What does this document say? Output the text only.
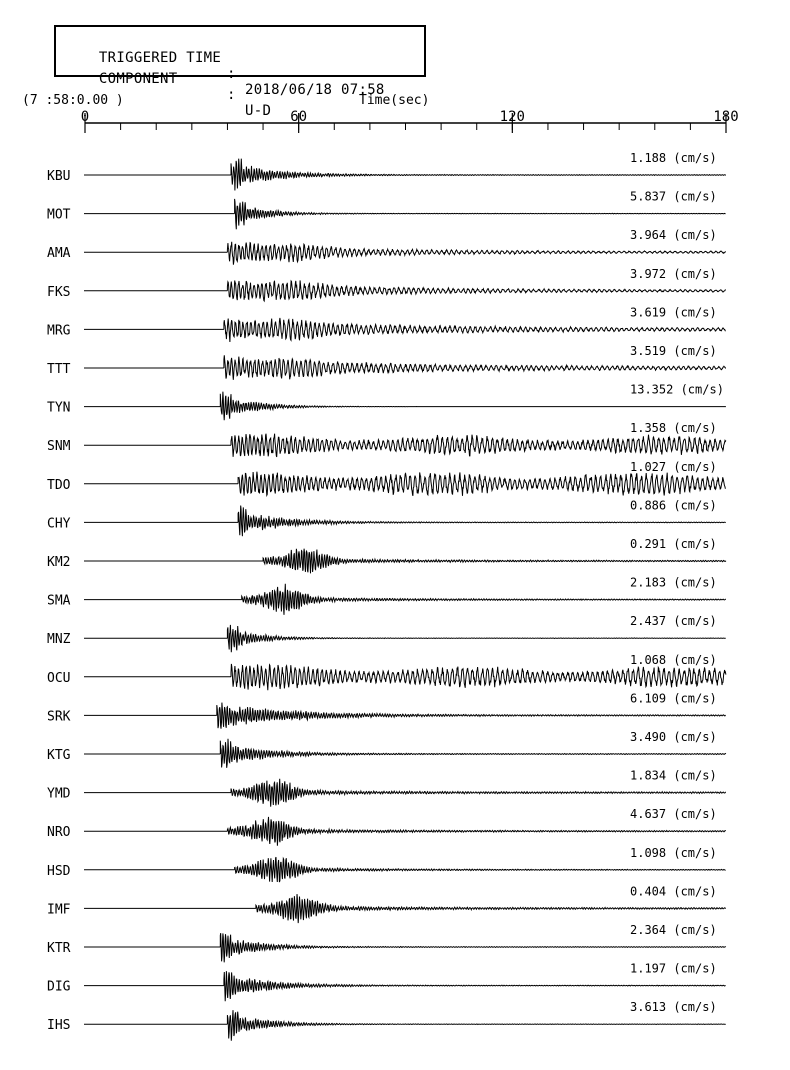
TRIGGERED TIME

:

2018/06/18 07:58

COMPONENT

:

U-D

(7 :58:0.00 )	Time(sec)
0	60	120	180
KBU
1.188 (cm/s)
MOT
5.837 (cm/s)
AMA
3.964 (cm/s)
FKS
3.972 (cm/s)
MRG
3.619 (cm/s)
TTT
3.519 (cm/s)
TYN
13.352 (cm/s)
SNM
1.358 (cm/s)
TDO
1.027 (cm/s)
CHY
0.886 (cm/s)
KM2
0.291 (cm/s)
SMA
2.183 (cm/s)
MNZ
2.437 (cm/s)
OCU
1.068 (cm/s)
SRK
6.109 (cm/s)
KTG
3.490 (cm/s)
YMD
1.834 (cm/s)
NRO
4.637 (cm/s)
HSD
1.098 (cm/s)
IMF
0.404 (cm/s)
KTR
2.364 (cm/s)
DIG
1.197 (cm/s)
IHS
3.613 (cm/s)
